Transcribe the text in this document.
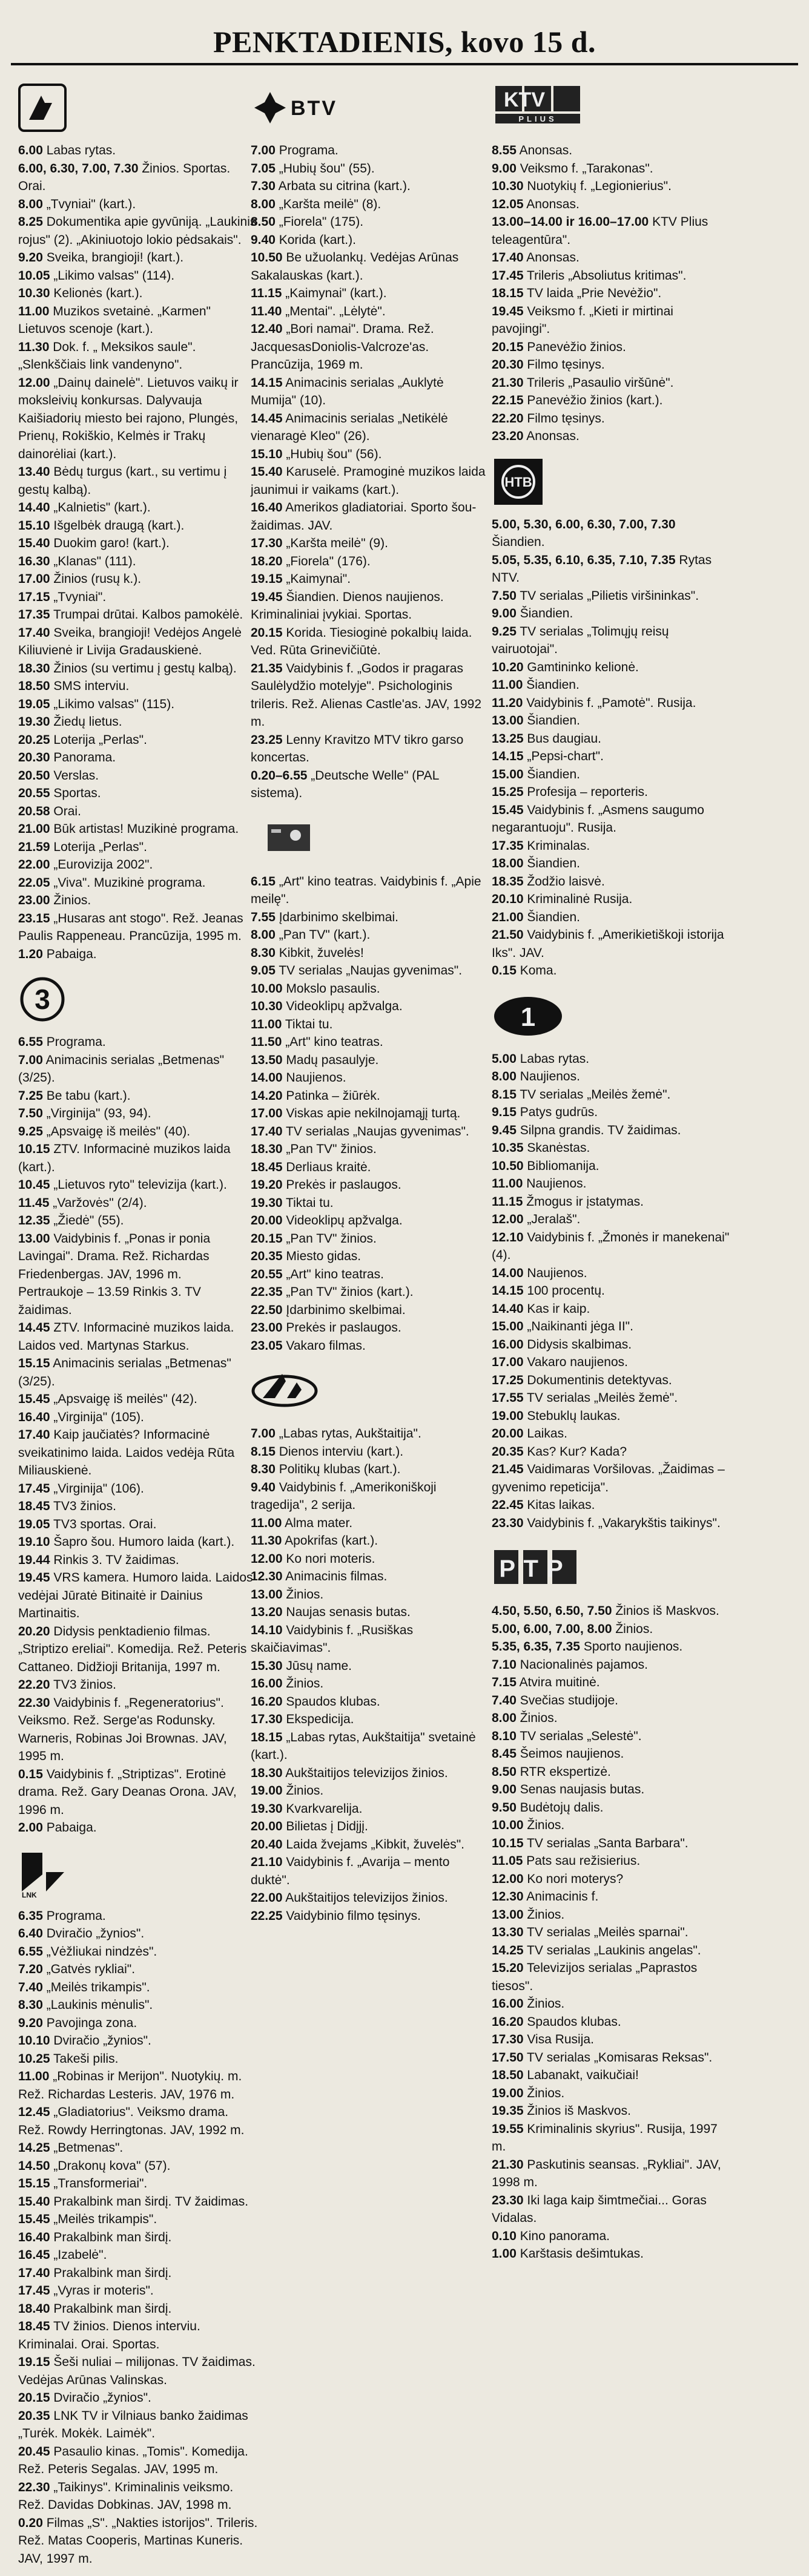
PENKTADIENIS, kovo 15 d.

6.00 Labas rytas.

6.00, 6.30, 7.00, 7.30 Žinios. Sportas. Orai.

8.00 „Tvyniai" (kart.).

8.25 Dokumentika apie gyvūniją. „Laukinis rojus" (2). „Akiniuotojo lokio pėdsakais".

9.20 Sveika, brangioji! (kart.).

10.05 „Likimo valsas" (114).

10.30 Kelionės (kart.).

11.00 Muzikos svetainė. „Karmen" Lietuvos scenoje (kart.).

11.30 Dok. f. „ Meksikos saule". „Slenkščiais link vandenyno".

12.00 „Dainų dainelė". Lietuvos vaikų ir moksleivių konkursas. Dalyvauja Kaišiadorių miesto bei rajono, Plungės, Prienų, Rokiškio, Kelmės ir Trakų dainorėliai (kart.).

13.40 Bėdų turgus (kart., su vertimu į gestų kalbą).

14.40 „Kalnietis" (kart.).

15.10 Išgelbėk draugą (kart.).

15.40 Duokim garo! (kart.).

16.30 „Klanas" (111).

17.00 Žinios (rusų k.).

17.15 „Tvyniai".

17.35 Trumpai drūtai. Kalbos pamokėlė.

17.40 Sveika, brangioji! Vedėjos Angelė Kiliuvienė ir Livija Gradauskienė.

18.30 Žinios (su vertimu į gestų kalbą).

18.50 SMS interviu.

19.05 „Likimo valsas" (115).

19.30 Žiedų lietus.

20.25 Loterija „Perlas".

20.30 Panorama.

20.50 Verslas.

20.55 Sportas.

20.58 Orai.

21.00 Būk artistas! Muzikinė programa.

21.59 Loterija „Perlas".

22.00 „Eurovizija 2002".

22.05 „Viva". Muzikinė programa.

23.00 Žinios.

23.15 „Husaras ant stogo". Rež. Jeanas Paulis Rappeneau. Prancūzija, 1995 m.

1.20 Pabaiga.

3

6.55 Programa.

7.00 Animacinis serialas „Betmenas" (3/25).

7.25 Be tabu (kart.).

7.50 „Virginija" (93, 94).

9.25 „Apsvaigę iš meilės" (40).

10.15 ZTV. Informacinė muzikos laida (kart.).

10.45 „Lietuvos ryto" televizija (kart.).

11.45 „Varžovės" (2/4).

12.35 „Žiedė" (55).

13.00 Vaidybinis f. „Ponas ir ponia Lavingai". Drama. Rež. Richardas Friedenbergas. JAV, 1996 m.

Pertraukoje – 13.59 Rinkis 3. TV žaidimas.

14.45 ZTV. Informacinė muzikos laida. Laidos ved. Martynas Starkus.

15.15 Animacinis serialas „Betmenas" (3/25).

15.45 „Apsvaigę iš meilės" (42).

16.40 „Virginija" (105).

17.40 Kaip jaučiatės? Informacinė sveikatinimo laida. Laidos vedėja Rūta Miliauskienė.

17.45 „Virginija" (106).

18.45 TV3 žinios.

19.05 TV3 sportas. Orai.

19.10 Šapro šou. Humoro laida (kart.).

19.44 Rinkis 3. TV žaidimas.

19.45 VRS kamera. Humoro laida. Laidos vedėjai Jūratė Bitinaitė ir Dainius Martinaitis.

20.20 Didysis penktadienio filmas. „Striptizo ereliai". Komedija. Rež. Peteris Cattaneo. Didžioji Britanija, 1997 m.

22.20 TV3 žinios.

22.30 Vaidybinis f. „Regeneratorius". Veiksmo. Rež. Serge'as Rodunsky. Warneris, Robinas Joi Brownas. JAV, 1995 m.

0.15 Vaidybinis f. „Striptizas". Erotinė drama. Rež. Gary Deanas Orona. JAV, 1996 m.

2.00 Pabaiga.

LNK

6.35 Programa.

6.40 Dviračio „žynios".

6.55 „Vėžliukai nindzės".

7.20 „Gatvės rykliai".

7.40 „Meilės trikampis".

8.30 „Laukinis mėnulis".

9.20 Pavojinga zona.

10.10 Dviračio „žynios".

10.25 Takeši pilis.

11.00 „Robinas ir Merijon". Nuotykių. m. Rež. Richardas Lesteris. JAV, 1976 m.

12.45 „Gladiatorius". Veiksmo drama. Rež. Rowdy Herringtonas. JAV, 1992 m.

14.25 „Betmenas".

14.50 „Drakonų kova" (57).

15.15 „Transformeriai".

15.40 Prakalbink man širdį. TV žaidimas.

15.45 „Meilės trikampis".

16.40 Prakalbink man širdį.

16.45 „Izabelė".

17.40 Prakalbink man širdį.

17.45 „Vyras ir moteris".

18.40 Prakalbink man širdį.

18.45 TV žinios. Dienos interviu. Kriminalai. Orai. Sportas.

19.15 Šeši nuliai – milijonas. TV žaidimas. Vedėjas Arūnas Valinskas.

20.15 Dviračio „žynios".

20.35 LNK TV ir Vilniaus banko žaidimas „Turėk. Mokėk. Laimėk".

20.45 Pasaulio kinas. „Tomis". Komedija. Rež. Peteris Segalas. JAV, 1995 m.

22.30 „Taikinys". Kriminalinis veiksmo. Rež. Davidas Dobkinas. JAV, 1998 m.

0.20 Filmas „S". „Nakties istorijos". Trileris. Rež. Matas Cooperis, Martinas Kuneris. JAV, 1997 m.

BTV

7.00 Programa.

7.05 „Hubių šou" (55).

7.30 Arbata su citrina (kart.).

8.00 „Karšta meilė" (8).

8.50 „Fiorela" (175).

9.40 Korida (kart.).

10.50 Be užuolankų. Vedėjas Arūnas Sakalauskas (kart.).

11.15 „Kaimynai" (kart.).

11.40 „Mentai". „Lėlytė".

12.40 „Bori namai". Drama. Rež. JacquesasDoniolis-Valcroze'as. Prancūzija, 1969 m.

14.15 Animacinis serialas „Auklytė Mumija" (10).

14.45 Animacinis serialas „Netikėlė vienaragė Kleo" (26).

15.10 „Hubių šou" (56).

15.40 Karuselė. Pramoginė muzikos laida jaunimui ir vaikams (kart.).

16.40 Amerikos gladiatoriai. Sporto šou-žaidimas. JAV.

17.30 „Karšta meilė" (9).

18.20 „Fiorela" (176).

19.15 „Kaimynai".

19.45 Šiandien. Dienos naujienos. Kriminaliniai įvykiai. Sportas.

20.15 Korida. Tiesioginė pokalbių laida. Ved. Rūta Grinevičiūtė.

21.35 Vaidybinis f. „Godos ir pragaras Saulėlydžio motelyje". Psichologinis trileris. Rež. Alienas Castle'as. JAV, 1992 m.

23.25 Lenny Kravitzo MTV tikro garso koncertas.

0.20–6.55 „Deutsche Welle" (PAL sistema).

6.15 „Art" kino teatras. Vaidybinis f. „Apie meilę".

7.55 Įdarbinimo skelbimai.

8.00 „Pan TV" (kart.).

8.30 Kibkit, žuvelės!

9.05 TV serialas „Naujas gyvenimas".

10.00 Mokslo pasaulis.

10.30 Videoklipų apžvalga.

11.00 Tiktai tu.

11.50 „Art" kino teatras.

13.50 Madų pasaulyje.

14.00 Naujienos.

14.20 Patinka – žiūrėk.

17.00 Viskas apie nekilnojamąjį turtą.

17.40 TV serialas „Naujas gyvenimas".

18.30 „Pan TV" žinios.

18.45 Derliaus kraitė.

19.20 Prekės ir paslaugos.

19.30 Tiktai tu.

20.00 Videoklipų apžvalga.

20.15 „Pan TV" žinios.

20.35 Miesto gidas.

20.55 „Art" kino teatras.

22.35 „Pan TV" žinios (kart.).

22.50 Įdarbinimo skelbimai.

23.00 Prekės ir paslaugos.

23.05 Vakaro filmas.

7.00 „Labas rytas, Aukštaitija".

8.15 Dienos interviu (kart.).

8.30 Politikų klubas (kart.).

9.40 Vaidybinis f. „Amerikoniškoji tragedija", 2 serija.

11.00 Alma mater.

11.30 Apokrifas (kart.).

12.00 Ko nori moteris.

12.30 Animacinis filmas.

13.00 Žinios.

13.20 Naujas senasis butas.

14.10 Vaidybinis f. „Rusiškas skaičiavimas".

15.30 Jūsų name.

16.00 Žinios.

16.20 Spaudos klubas.

17.30 Ekspedicija.

18.15 „Labas rytas, Aukštaitija" svetainė (kart.).

18.30 Aukštaitijos televizijos žinios.

19.00 Žinios.

19.30 Kvarkvarelija.

20.00 Bilietas į Didįjį.

20.40 Laida žvejams „Kibkit, žuvelės".

21.10 Vaidybinis f. „Avarija – mento duktė".

22.00 Aukštaitijos televizijos žinios.

22.25 Vaidybinio filmo tęsinys.

KTV
PLIUS

8.55 Anonsas.

9.00 Veiksmo f. „Tarakonas".

10.30 Nuotykių f. „Legionierius".

12.05 Anonsas.

13.00–14.00 ir 16.00–17.00 KTV Plius teleagentūra".

17.40 Anonsas.

17.45 Trileris „Absoliutus kritimas".

18.15 TV laida „Prie Nevėžio".

19.45 Veiksmo f. „Kieti ir mirtinai pavojingi".

20.15 Panevėžio žinios.

20.30 Filmo tęsinys.

21.30 Trileris „Pasaulio viršūnė".

22.15 Panevėžio žinios (kart.).

22.20 Filmo tęsinys.

23.20 Anonsas.

HTB

5.00, 5.30, 6.00, 6.30, 7.00, 7.30 Šiandien.

5.05, 5.35, 6.10, 6.35, 7.10, 7.35 Rytas NTV.

7.50 TV serialas „Pilietis viršininkas".

9.00 Šiandien.

9.25 TV serialas „Tolimųjų reisų vairuotojai".

10.20 Gamtininko kelionė.

11.00 Šiandien.

11.20 Vaidybinis f. „Pamotė". Rusija.

13.00 Šiandien.

13.25 Bus daugiau.

14.15 „Pepsi-chart".

15.00 Šiandien.

15.25 Profesija – reporteris.

15.45 Vaidybinis f. „Asmens saugumo negarantuoju". Rusija.

17.35 Kriminalas.

18.00 Šiandien.

18.35 Žodžio laisvė.

20.10 Kriminalinė Rusija.

21.00 Šiandien.

21.50 Vaidybinis f. „Amerikietiškoji istorija Iks". JAV.

0.15 Koma.

1

5.00 Labas rytas.

8.00 Naujienos.

8.15 TV serialas „Meilės žemė".

9.15 Patys gudrūs.

9.45 Silpna grandis. TV žaidimas.

10.35 Skanėstas.

10.50 Bibliomanija.

11.00 Naujienos.

11.15 Žmogus ir įstatymas.

12.00 „Jeralaš".

12.10 Vaidybinis f. „Žmonės ir manekenai" (4).

14.00 Naujienos.

14.15 100 procentų.

14.40 Kas ir kaip.

15.00 „Naikinanti jėga II".

16.00 Didysis skalbimas.

17.00 Vakaro naujienos.

17.25 Dokumentinis detektyvas.

17.55 TV serialas „Meilės žemė".

19.00 Stebuklų laukas.

20.00 Laikas.

20.35 Kas? Kur? Kada?

21.45 Vaidimaras Voršilovas. „Žaidimas – gyvenimo repeticija".

22.45 Kitas laikas.

23.30 Vaidybinis f. „Vakarykštis taikinys".

РТР

4.50, 5.50, 6.50, 7.50 Žinios iš Maskvos.

5.00, 6.00, 7.00, 8.00 Žinios.

5.35, 6.35, 7.35 Sporto naujienos.

7.10 Nacionalinės pajamos.

7.15 Atvira muitinė.

7.40 Svečias studijoje.

8.00 Žinios.

8.10 TV serialas „Selestė".

8.45 Šeimos naujienos.

8.50 RTR ekspertizė.

9.00 Senas naujasis butas.

9.50 Budėtojų dalis.

10.00 Žinios.

10.15 TV serialas „Santa Barbara".

11.05 Pats sau režisierius.

12.00 Ko nori moterys?

12.30 Animacinis f.

13.00 Žinios.

13.30 TV serialas „Meilės sparnai".

14.25 TV serialas „Laukinis angelas".

15.20 Televizijos serialas „Paprastos tiesos".

16.00 Žinios.

16.20 Spaudos klubas.

17.30 Visa Rusija.

17.50 TV serialas „Komisaras Reksas".

18.50 Labanakt, vaikučiai!

19.00 Žinios.

19.35 Žinios iš Maskvos.

19.55 Kriminalinis skyrius". Rusija, 1997 m.

21.30 Paskutinis seansas. „Rykliai". JAV, 1998 m.

23.30 Iki laga kaip šimtmečiai... Goras Vidalas.

0.10 Kino panorama.

1.00 Karštasis dešimtukas.
